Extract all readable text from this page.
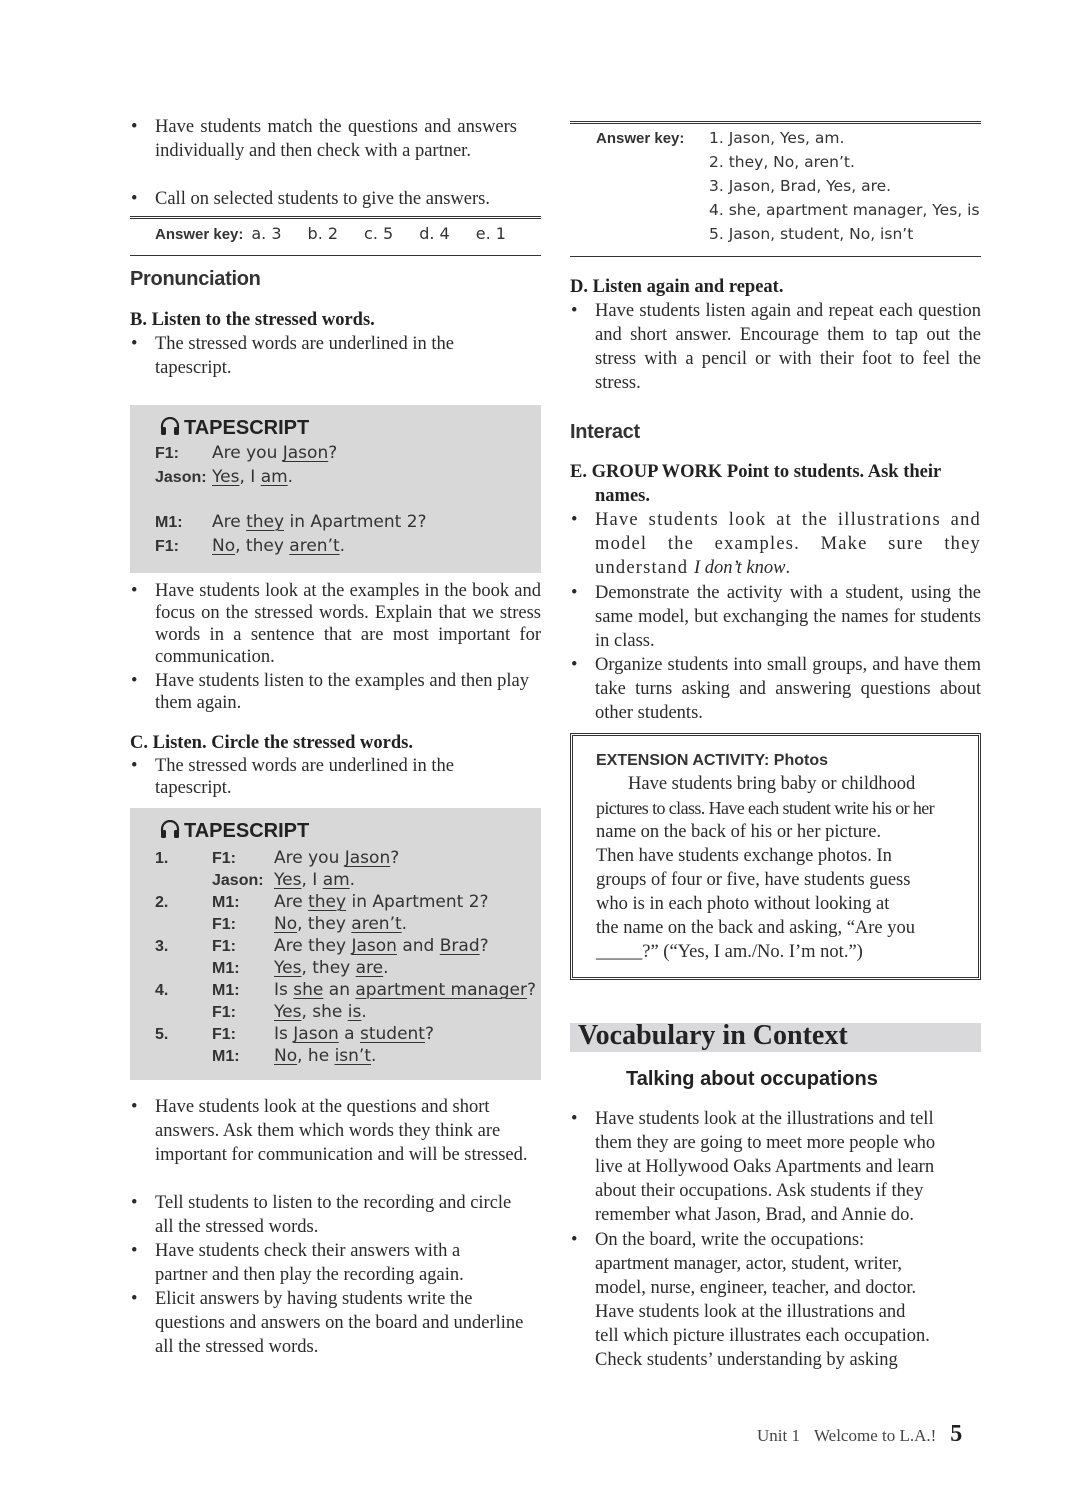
• Have students match the questions and answers individually and then check with a partner.
• Call on selected students to give the answers.
Answer key: a. 3 b. 2 c. 5 d. 4 e. 1
Pronunciation
B. Listen to the stressed words.
• The stressed words are underlined in the tapescript.
TAPESCRIPT
F1: Are you Jason?
Jason: Yes, I am.
M1: Are they in Apartment 2?
F1: No, they aren’t.
• Have students look at the examples in the book and focus on the stressed words. Explain that we stress words in a sentence that are most important for communication.
• Have students listen to the examples and then play them again.
C. Listen. Circle the stressed words.
• The stressed words are underlined in the tapescript.
TAPESCRIPT
1.	F1: Are you Jason?
Jason: Yes, I am.
2.	M1: Are they in Apartment 2?
F1: No, they aren’t.
3.	F1: Are they Jason and Brad?
M1: Yes, they are.
4.	M1: Is she an apartment manager?
F1: Yes, she is.
5.	F1: Is Jason a student?
M1: No, he isn’t.
• Have students look at the questions and short answers. Ask them which words they think are important for communication and will be stressed.
• Tell students to listen to the recording and circle all the stressed words.
• Have students check their answers with a partner and then play the recording again.
• Elicit answers by having students write the questions and answers on the board and underline all the stressed words.
Answer key: 1. Jason, Yes, am.
2. they, No, aren’t.
3. Jason, Brad, Yes, are.
4. she, apartment manager, Yes, is
5. Jason, student, No, isn’t
D. Listen again and repeat.
• Have students listen again and repeat each question and short answer. Encourage them to tap out the stress with a pencil or with their foot to feel the stress.
Interact
E. GROUP WORK Point to students. Ask their names.
• Have students look at the illustrations and model the examples. Make sure they understand I don’t know.
• Demonstrate the activity with a student, using the same model, but exchanging the names for students in class.
• Organize students into small groups, and have them take turns asking and answering questions about other students.
EXTENSION ACTIVITY: Photos
Have students bring baby or childhood
pictures to class. Have each student write his or her
name on the back of his or her picture.
Then have students exchange photos. In
groups of four or five, have students guess
who is in each photo without looking at
the name on the back and asking, “Are you
_____?” (“Yes, I am./No. I’m not.”)
Vocabulary in Context
Talking about occupations
• Have students look at the illustrations and tell
them they are going to meet more people who
live at Hollywood Oaks Apartments and learn
about their occupations. Ask students if they
remember what Jason, Brad, and Annie do.
• On the board, write the occupations:
apartment manager, actor, student, writer,
model, nurse, engineer, teacher, and doctor.
Have students look at the illustrations and
tell which picture illustrates each occupation.
Check students’ understanding by asking
Unit 1 Welcome to L.A.! 5
